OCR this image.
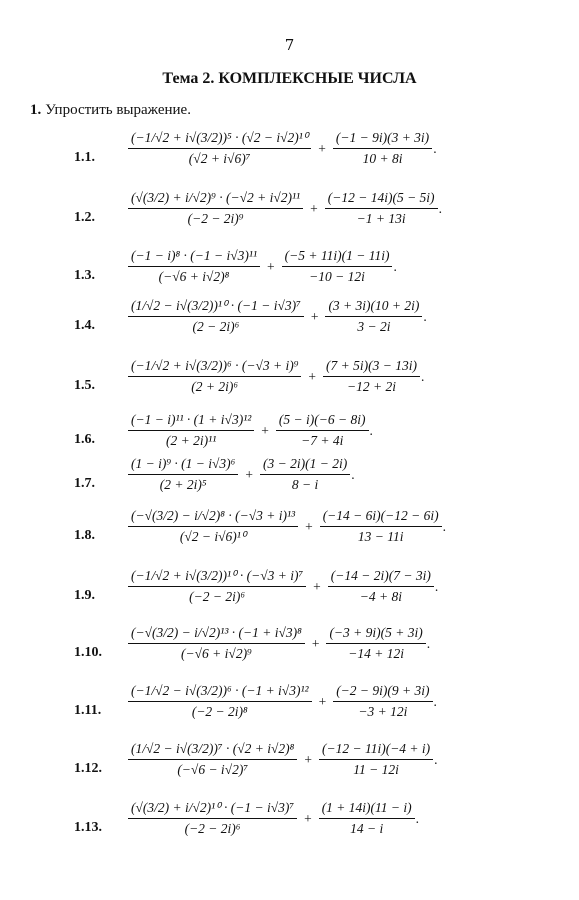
7
Тема 2. КОМПЛЕКСНЫЕ ЧИСЛА
1. Упростить выражение.
1.1. $\frac{\text{(−1/√2 + i√(3/2))⁵ · (√2 − i√2)¹⁰}}{\text{(√2 + i√6)⁷}} + \frac{(-1 - 9i)(3 + 3i)}{10 + 8i}$ .
1.2. $\frac{\text{(√(3/2) + i/√2)⁹ · (−√2 + i√2)¹¹}}{\text{(−2 − 2i)⁹}} + \frac{(-12 - 14i)(5 - 5i)}{-1 + 13i}$ .
1.3. $\frac{\text{(−1 − i)⁸ · (−1 − i√3)¹¹}}{\text{(−√6 + i√2)⁸}} + \frac{(-5 + 11i)(1 - 11i)}{-10 - 12i}$ .
1.4. $\frac{\text{(1/√2 − i√(3/2))¹⁰ · (−1 − i√3)⁷}}{\text{(2 − 2i)⁶}} + \frac{(3 + 3i)(10 + 2i)}{3 - 2i}$ .
1.5. $\frac{\text{(−1/√2 + i√(3/2))⁶ · (−√3 + i)⁹}}{\text{(2 + 2i)⁶}} + \frac{(7 + 5i)(3 - 13i)}{-12 + 2i}$ .
1.6. $\frac{\text{(−1 − i)¹¹ · (1 + i√3)¹²}}{\text{(2 + 2i)¹¹}} + \frac{(5 - i)(-6 - 8i)}{-7 + 4i}$ .
1.7. $\frac{\text{(1 − i)⁹ · (1 − i√3)⁶}}{\text{(2 + 2i)⁵}} + \frac{(3 - 2i)(1 - 2i)}{8 - i}$ .
1.8. $\frac{\text{(−√(3/2) − i/√2)⁸ · (−√3 + i)¹³}}{\text{(√2 − i√6)¹⁰}} + \frac{(-14 - 6i)(-12 - 6i)}{13 - 11i}$ .
1.9. $\frac{\text{(−1/√2 + i√(3/2))¹⁰ · (−√3 + i)⁷}}{\text{(−2 − 2i)⁶}} + \frac{(-14 - 2i)(7 - 3i)}{-4 + 8i}$ .
1.10. $\frac{\text{(−√(3/2) − i/√2)¹³ · (−1 + i√3)⁸}}{\text{(−√6 + i√2)⁹}} + \frac{(-3 + 9i)(5 + 3i)}{-14 + 12i}$ .
1.11. $\frac{\text{(−1/√2 − i√(3/2))⁶ · (−1 + i√3)¹²}}{\text{(−2 − 2i)⁸}} + \frac{(-2 - 9i)(9 + 3i)}{-3 + 12i}$ .
1.12. $\frac{\text{(1/√2 − i√(3/2))⁷ · (√2 + i√2)⁸}}{\text{(−√6 − i√2)⁷}} + \frac{(-12 - 11i)(-4 + i)}{11 - 12i}$ .
1.13. $\frac{\text{(√(3/2) + i/√2)¹⁰ · (−1 − i√3)⁷}}{\text{(−2 − 2i)⁶}} + \frac{(1 + 14i)(11 - i)}{14 - i}$ .
